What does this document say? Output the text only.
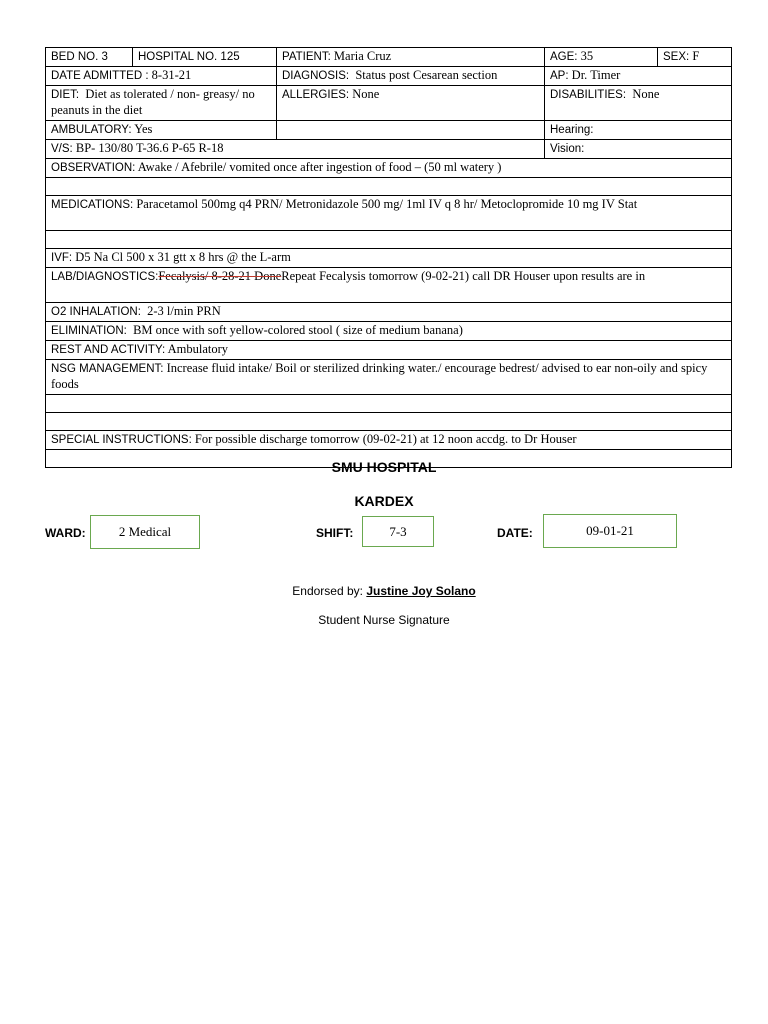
BED NO. 3	HOSPITAL NO. 125	PATIENT: Maria Cruz	AGE: 35	SEX: F
DATE ADMITTED : 8-31-21		DIAGNOSIS: Status post Cesarean section	AP: Dr. Timer	
DIET: Diet as tolerated / non- greasy/ no peanuts in the diet		ALLERGIES: None	DISABILITIES: None	
AMBULATORY: Yes			Hearing:	
V/S: BP- 130/80 T-36.6 P-65 R-18			Vision:	
OBSERVATION: Awake / Afebrile/ vomited once after ingestion of food – (50 ml watery )				

MEDICATIONS: Paracetamol 500mg q4 PRN/ Metronidazole 500 mg/ 1ml IV q 8 hr/ Metoclopromide 10 mg IV Stat				

IVF: D5 Na Cl 500 x 31 gtt x 8 hrs @ the L-arm				
LAB/DIAGNOSTICS:Fecalysis/ 8-28-21 DoneRepeat Fecalysis tomorrow (9-02-21) call DR Houser upon results are in				
O2 INHALATION: 2-3 l/min PRN				
ELIMINATION: BM once with soft yellow-colored stool ( size of medium banana)				
REST AND ACTIVITY: Ambulatory				
NSG MANAGEMENT: Increase fluid intake/ Boil or sterilized drinking water./ encourage bedrest/ advised to ear non-oily and spicy foods				

SPECIAL INSTRUCTIONS: For possible discharge tomorrow (09-02-21) at 12 noon accdg. to Dr Houser				

SMU HOSPITAL
KARDEX
WARD:	2 Medical	SHIFT:	7-3	DATE:	09-01-21
Endorsed by: Justine Joy Solano
Student Nurse Signature
